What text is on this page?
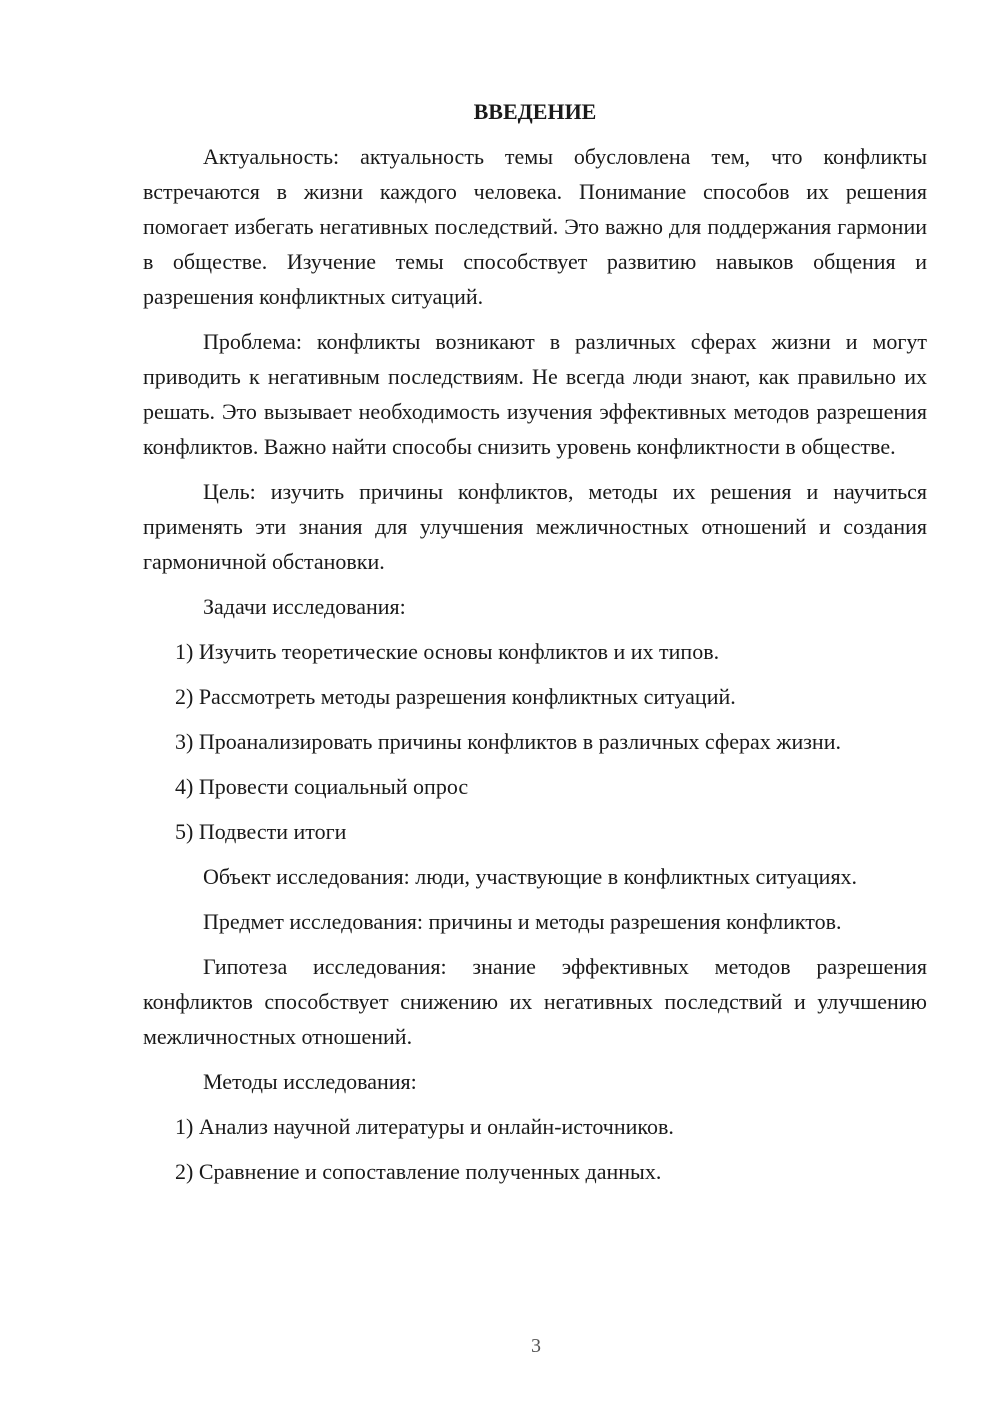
ВВЕДЕНИЕ

Актуальность: актуальность темы обусловлена тем, что конфликты встречаются в жизни каждого человека. Понимание способов их решения помогает избегать негативных последствий. Это важно для поддержания гармонии в обществе. Изучение темы способствует развитию навыков общения и разрешения конфликтных ситуаций.

Проблема: конфликты возникают в различных сферах жизни и могут приводить к негативным последствиям. Не всегда люди знают, как правильно их решать. Это вызывает необходимость изучения эффективных методов разрешения конфликтов. Важно найти способы снизить уровень конфликтности в обществе.

Цель: изучить причины конфликтов, методы их решения и научиться применять эти знания для улучшения межличностных отношений и создания гармоничной обстановки.

Задачи исследования:

1) Изучить теоретические основы конфликтов и их типов.

2) Рассмотреть методы разрешения конфликтных ситуаций.

3) Проанализировать причины конфликтов в различных сферах жизни.

4) Провести социальный опрос

5) Подвести итоги

Объект исследования: люди, участвующие в конфликтных ситуациях.

Предмет исследования: причины и методы разрешения конфликтов.

Гипотеза исследования: знание эффективных методов разрешения конфликтов способствует снижению их негативных последствий и улучшению межличностных отношений.

Методы исследования:

1) Анализ научной литературы и онлайн-источников.

2) Сравнение и сопоставление полученных данных.

3
